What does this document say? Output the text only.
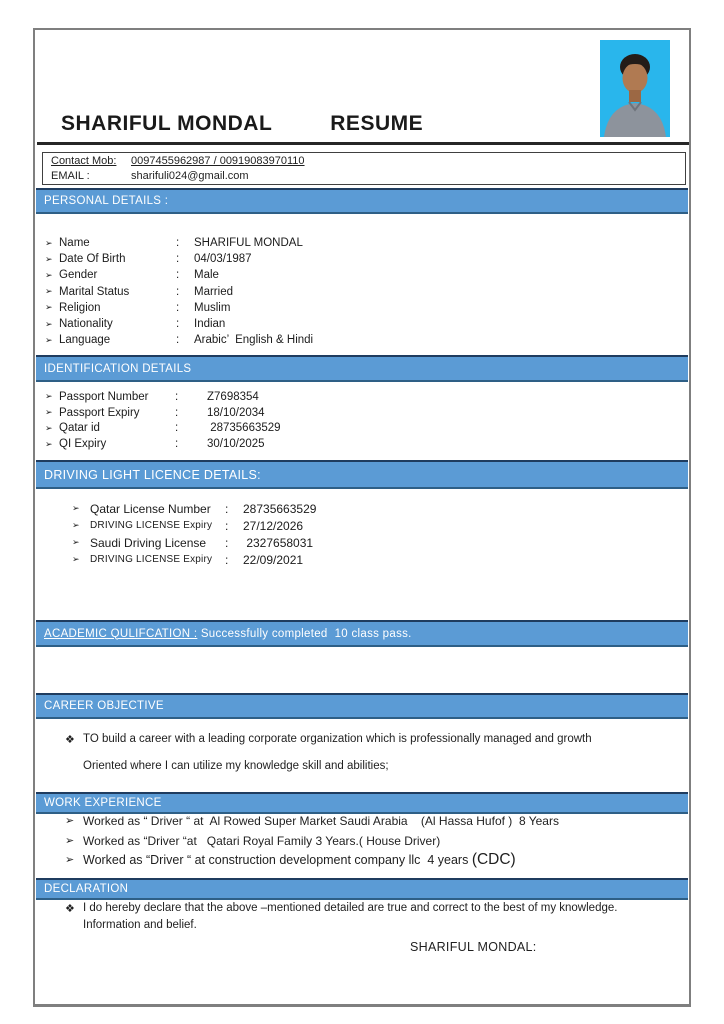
SHARIFUL MONDAL	RESUME
Contact Mob: 0097455962987 / 00919083970110
EMAIL :	sharifuli024@gmail.com
PERSONAL DETAILS :
➢ Name	:	SHARIFUL MONDAL
➢ Date Of Birth	:	04/03/1987
➢ Gender	:	Male
➢ Marital Status	:	Married
➢ Religion	:	Muslim
➢ Nationality	:	Indian
➢ Language	:	Arabic’  English & Hindi
IDENTIFICATION DETAILS
➢ Passport Number	:	Z7698354
➢ Passport Expiry	:	18/10/2034
➢ Qatar id	:	28735663529
➢ QI Expiry	:	30/10/2025
DRIVING LIGHT LICENCE DETAILS:
➢ Qatar License Number	:	28735663529
➢	DRIVING LICENSE Expiry	:	27/12/2026
➢ Saudi Driving License	:	2327658031
➢	DRIVING LICENSE Expiry	:	22/09/2021
ACADEMIC QULIFCATION : Successfully completed  10 class pass.
CAREER OBJECTIVE
❖ TO build a career with a leading corporate organization which is professionally managed and growth
Oriented where I can utilize my knowledge skill and abilities;
WORK EXPERIENCE
➢ Worked as “ Driver “ at  Al Rowed Super Market Saudi Arabia    (Al Hassa Hufof )  8 Years
➢ Worked as “Driver “at   Qatari Royal Family 3 Years.( House Driver)
➢ Worked as “Driver “ at construction development company llc  4 years (CDC)
DECLARATION
❖ I do hereby declare that the above –mentioned detailed are true and correct to the best of my knowledge.
Information and belief.
SHARIFUL MONDAL:
